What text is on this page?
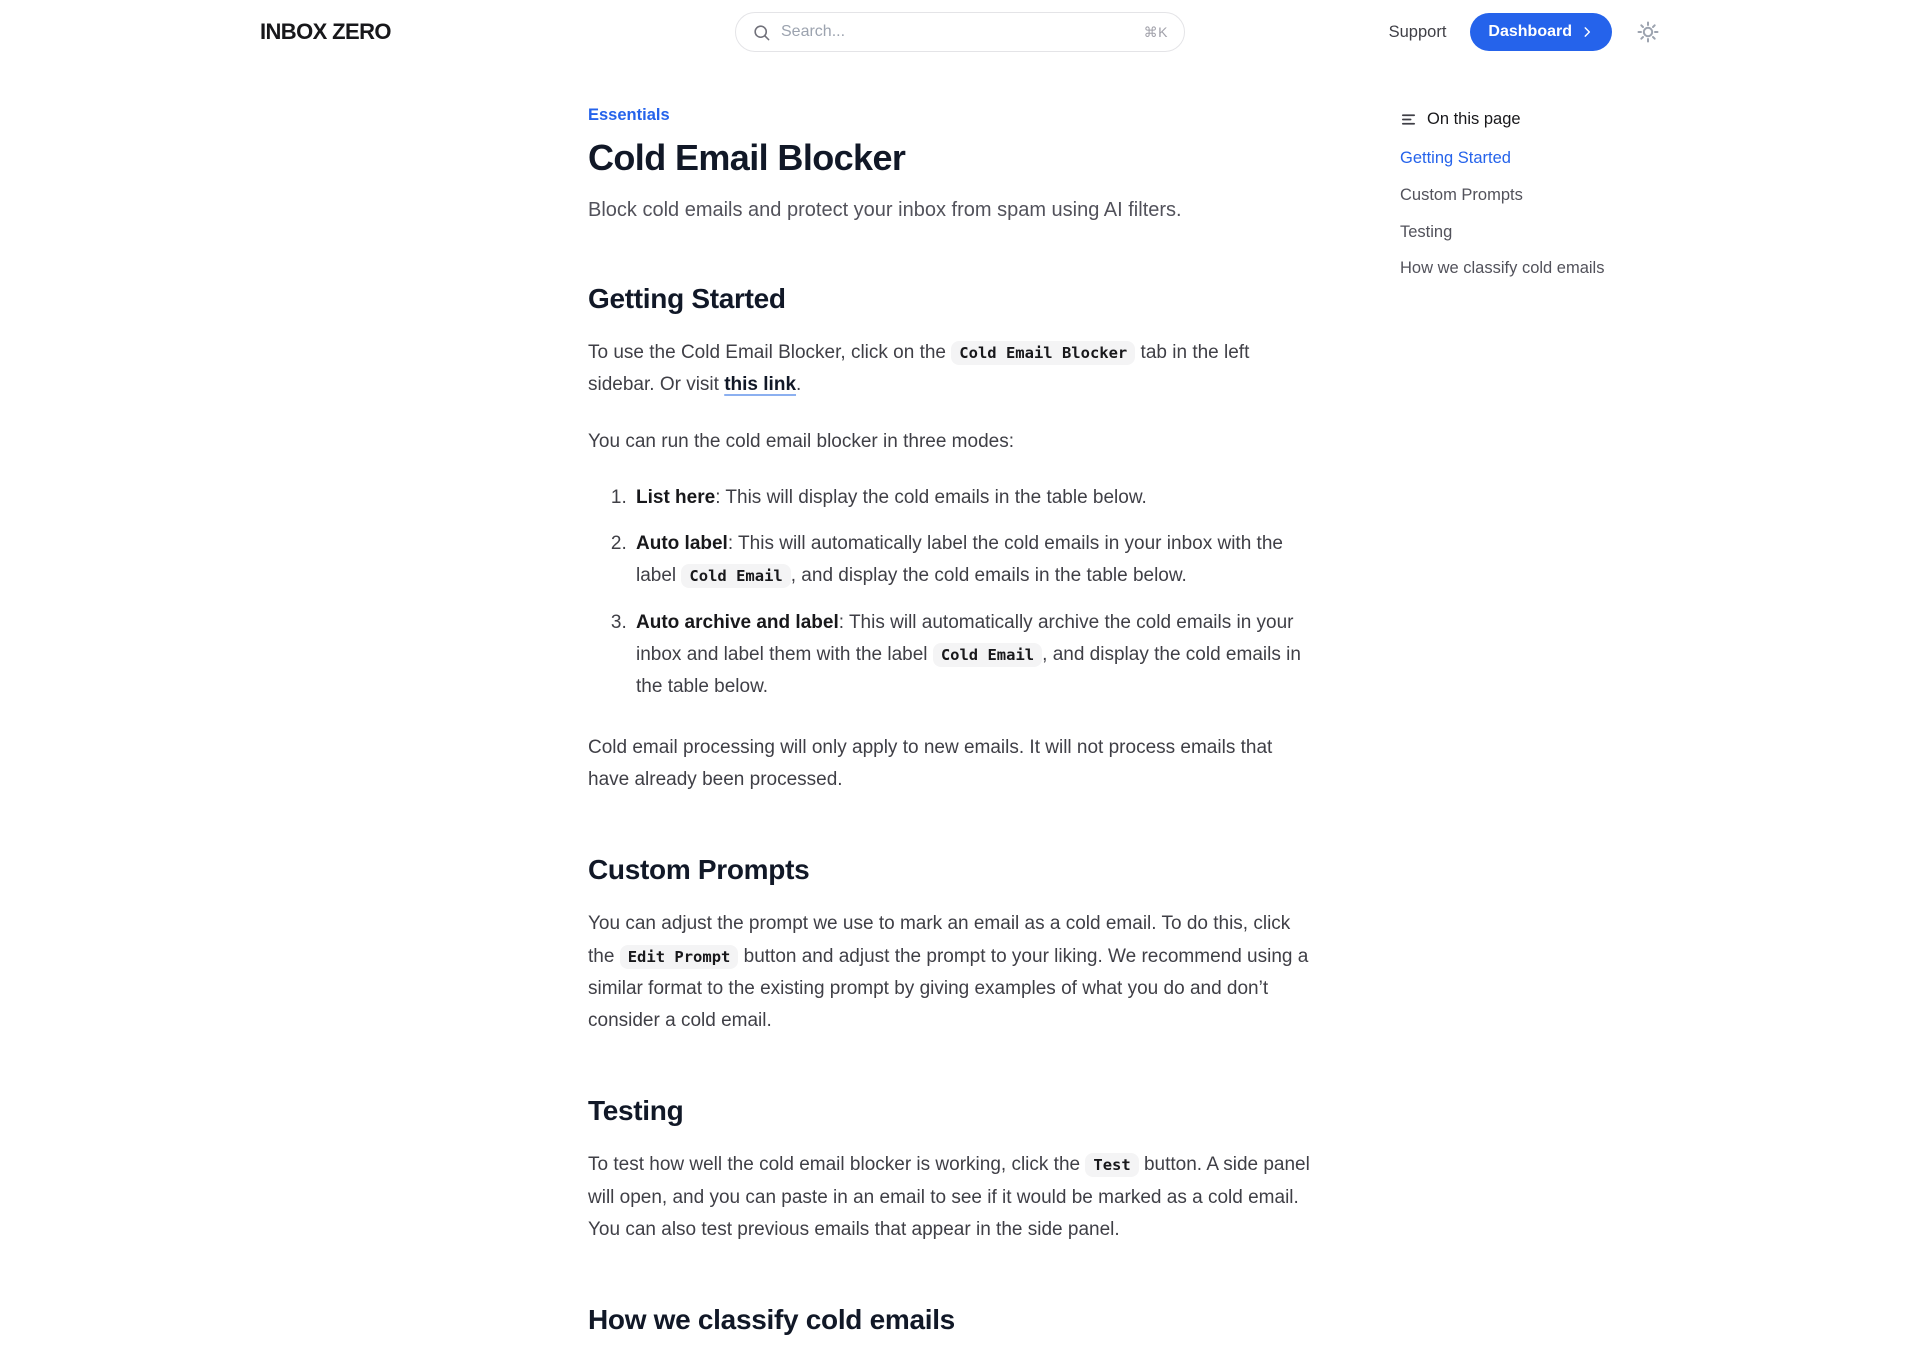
INBOX ZERO
Search...	⌘K	Support	Dashboard
Essentials
Cold Email Blocker

Block cold emails and protect your inbox from spam using AI filters.

Getting Started

To use the Cold Email Blocker, click on the Cold Email Blocker tab in the left sidebar. Or visit this link.

You can run the cold email blocker in three modes:

1. List here: This will display the cold emails in the table below.
2. Auto label: This will automatically label the cold emails in your inbox with the label Cold Email , and display the cold emails in the table below.
3. Auto archive and label: This will automatically archive the cold emails in your inbox and label them with the label Cold Email , and display the cold emails in the table below.

Cold email processing will only apply to new emails. It will not process emails that have already been processed.

Custom Prompts

You can adjust the prompt we use to mark an email as a cold email. To do this, click the Edit Prompt button and adjust the prompt to your liking. We recommend using a similar format to the existing prompt by giving examples of what you do and don’t consider a cold email.

Testing

To test how well the cold email blocker is working, click the Test button. A side panel will open, and you can paste in an email to see if it would be marked as a cold email. You can also test previous emails that appear in the side panel.

How we classify cold emails
On this page
Getting Started
Custom Prompts
Testing
How we classify cold emails
